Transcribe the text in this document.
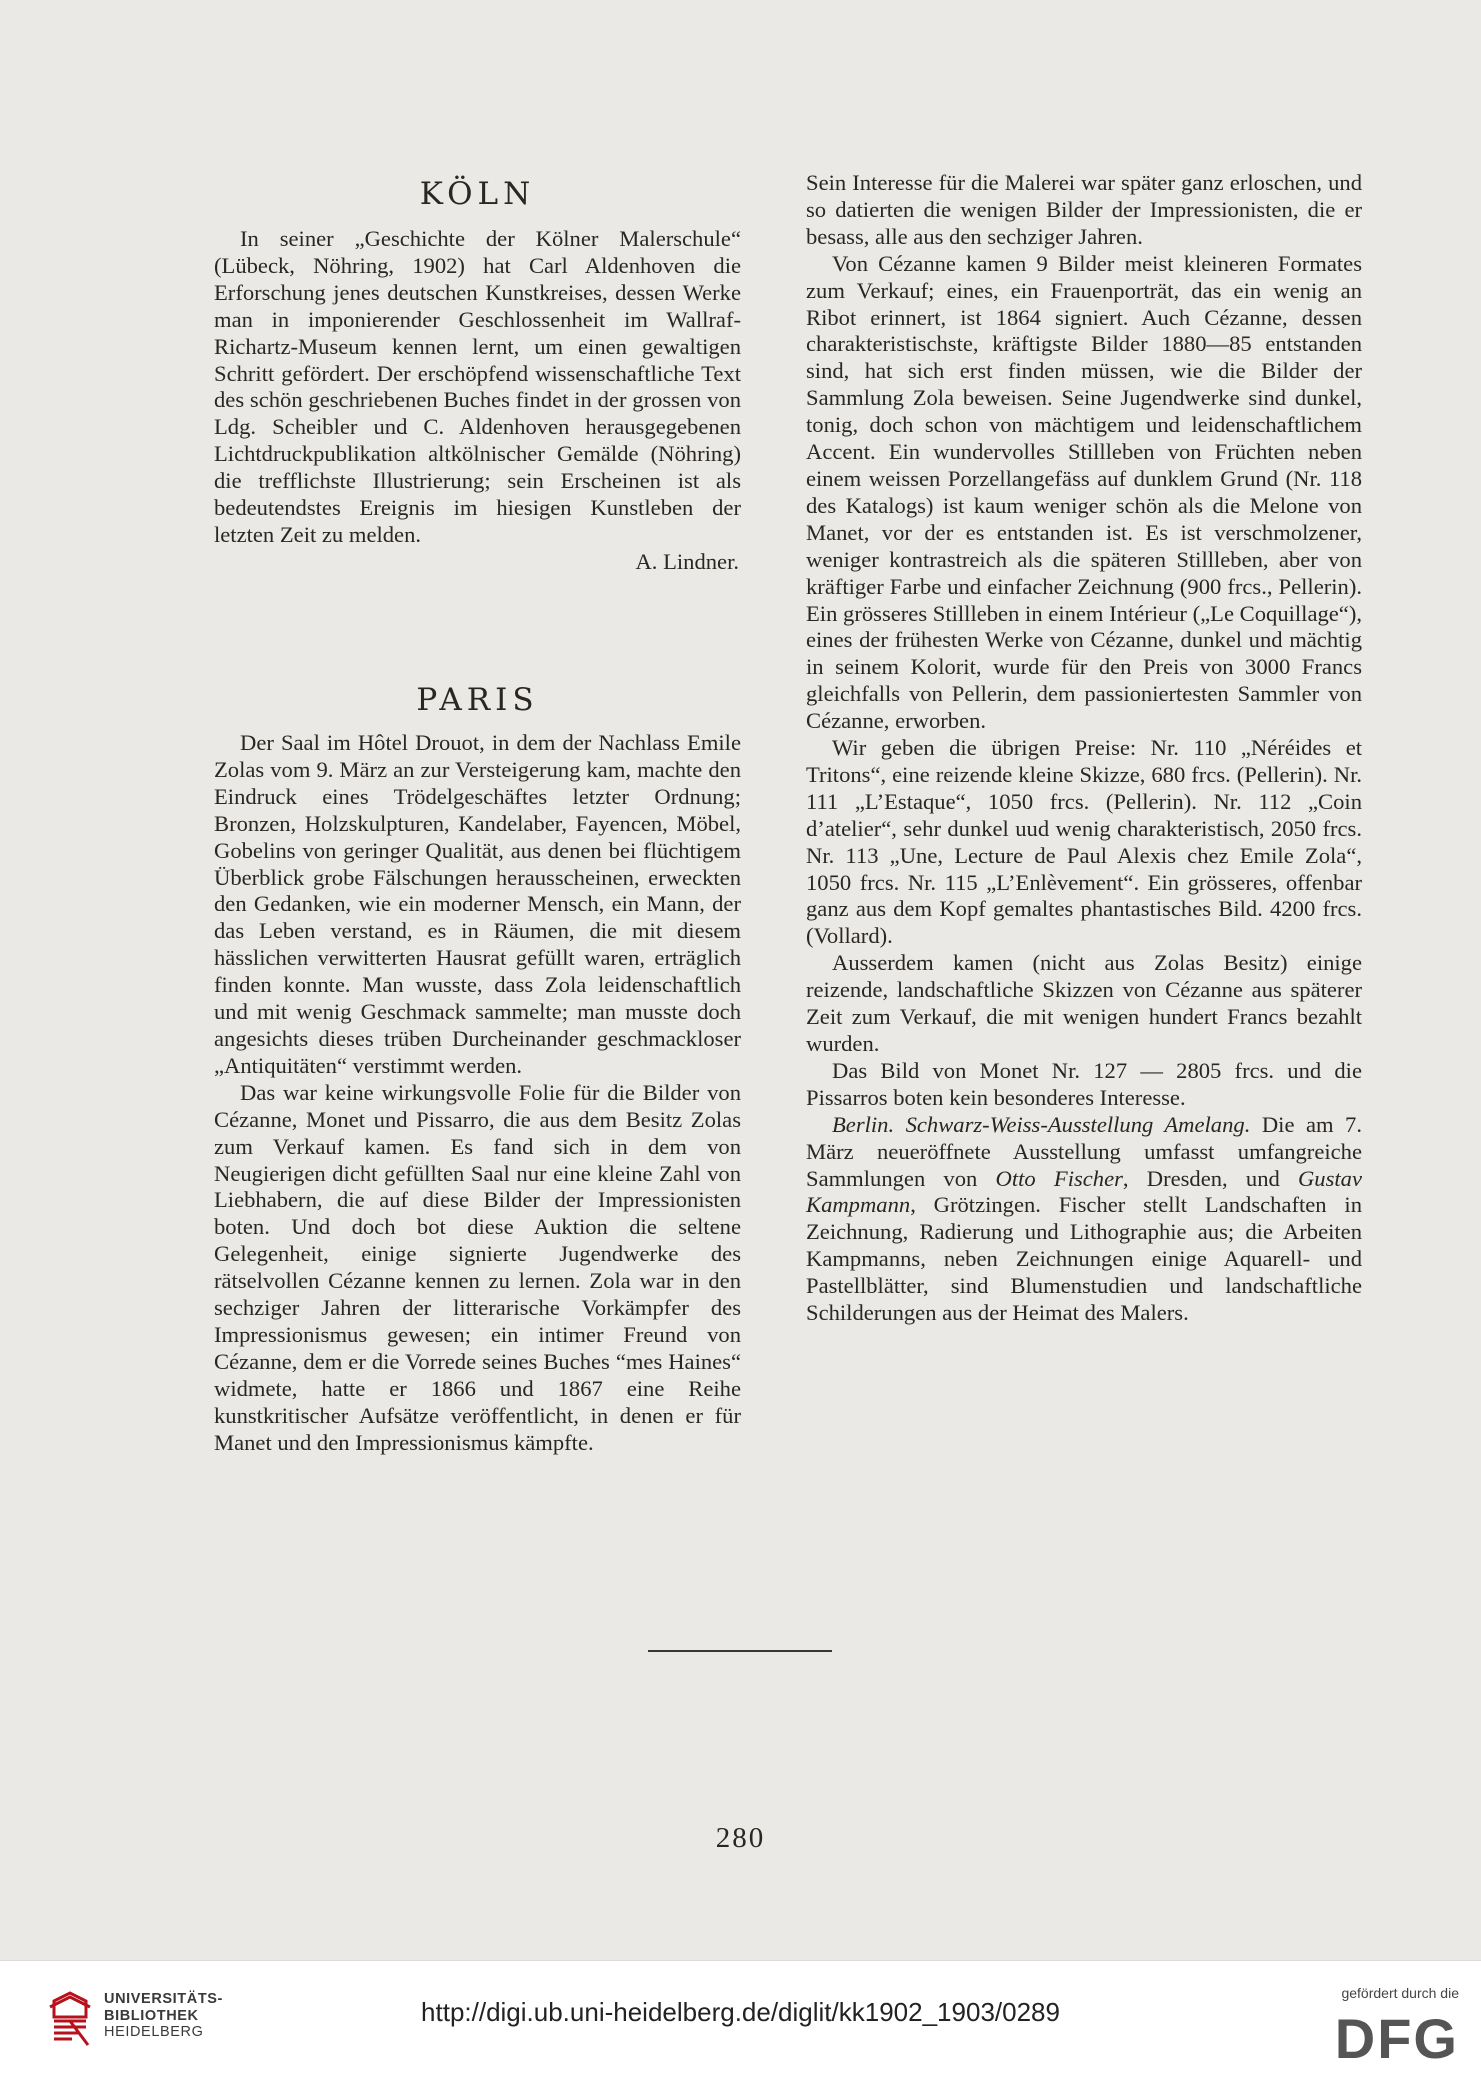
KÖLN

In seiner „Geschichte der Kölner Malerschule“ (Lübeck, Nöhring, 1902) hat Carl Aldenhoven die Erforschung jenes deutschen Kunstkreises, dessen Werke man in imponierender Geschlossenheit im Wallraf-Richartz-Museum kennen lernt, um einen gewaltigen Schritt gefördert. Der erschöpfend wissenschaftliche Text des schön geschriebenen Buches findet in der grossen von Ldg. Scheibler und C. Aldenhoven herausgegebenen Lichtdruckpublikation altkölnischer Gemälde (Nöhring) die trefflichste Illustrierung; sein Erscheinen ist als bedeutendstes Ereignis im hiesigen Kunstleben der letzten Zeit zu melden.

A. Lindner.

PARIS

Der Saal im Hôtel Drouot, in dem der Nachlass Emile Zolas vom 9. März an zur Versteigerung kam, machte den Eindruck eines Trödelgeschäftes letzter Ordnung; Bronzen, Holzskulpturen, Kandelaber, Fayencen, Möbel, Gobelins von geringer Qualität, aus denen bei flüchtigem Überblick grobe Fälschungen herausscheinen, erweckten den Gedanken, wie ein moderner Mensch, ein Mann, der das Leben verstand, es in Räumen, die mit diesem hässlichen verwitterten Hausrat gefüllt waren, erträglich finden konnte. Man wusste, dass Zola leidenschaftlich und mit wenig Geschmack sammelte; man musste doch angesichts dieses trüben Durcheinander geschmackloser „Antiquitäten“ verstimmt werden.

Das war keine wirkungsvolle Folie für die Bilder von Cézanne, Monet und Pissarro, die aus dem Besitz Zolas zum Verkauf kamen. Es fand sich in dem von Neugierigen dicht gefüllten Saal nur eine kleine Zahl von Liebhabern, die auf diese Bilder der Impressionisten boten. Und doch bot diese Auktion die seltene Gelegenheit, einige signierte Jugendwerke des rätselvollen Cézanne kennen zu lernen. Zola war in den sechziger Jahren der litterarische Vorkämpfer des Impressionismus gewesen; ein intimer Freund von Cézanne, dem er die Vorrede seines Buches “mes Haines“ widmete, hatte er 1866 und 1867 eine Reihe kunstkritischer Aufsätze veröffentlicht, in denen er für Manet und den Impressionismus kämpfte.

Sein Interesse für die Malerei war später ganz erloschen, und so datierten die wenigen Bilder der Impressionisten, die er besass, alle aus den sechziger Jahren.

Von Cézanne kamen 9 Bilder meist kleineren Formates zum Verkauf; eines, ein Frauenporträt, das ein wenig an Ribot erinnert, ist 1864 signiert. Auch Cézanne, dessen charakteristischste, kräftigste Bilder 1880—85 entstanden sind, hat sich erst finden müssen, wie die Bilder der Sammlung Zola beweisen. Seine Jugendwerke sind dunkel, tonig, doch schon von mächtigem und leidenschaftlichem Accent. Ein wundervolles Stillleben von Früchten neben einem weissen Porzellangefäss auf dunklem Grund (Nr. 118 des Katalogs) ist kaum weniger schön als die Melone von Manet, vor der es entstanden ist. Es ist verschmolzener, weniger kontrastreich als die späteren Stillleben, aber von kräftiger Farbe und einfacher Zeichnung (900 frcs., Pellerin). Ein grösseres Stillleben in einem Intérieur („Le Coquillage“), eines der frühesten Werke von Cézanne, dunkel und mächtig in seinem Kolorit, wurde für den Preis von 3000 Francs gleichfalls von Pellerin, dem passioniertesten Sammler von Cézanne, erworben.

Wir geben die übrigen Preise: Nr. 110 „Néréides et Tritons“, eine reizende kleine Skizze, 680 frcs. (Pellerin). Nr. 111 „L’Estaque“, 1050 frcs. (Pellerin). Nr. 112 „Coin d’atelier“, sehr dunkel uud wenig charakteristisch, 2050 frcs. Nr. 113 „Une, Lecture de Paul Alexis chez Emile Zola“, 1050 frcs. Nr. 115 „L’Enlèvement“. Ein grösseres, offenbar ganz aus dem Kopf gemaltes phantastisches Bild. 4200 frcs. (Vollard).

Ausserdem kamen (nicht aus Zolas Besitz) einige reizende, landschaftliche Skizzen von Cézanne aus späterer Zeit zum Verkauf, die mit wenigen hundert Francs bezahlt wurden.

Das Bild von Monet Nr. 127 — 2805 frcs. und die Pissarros boten kein besonderes Interesse.

Berlin. Schwarz-Weiss-Ausstellung Amelang. Die am 7. März neueröffnete Ausstellung umfasst umfangreiche Sammlungen von Otto Fischer, Dresden, und Gustav Kampmann, Grötzingen. Fischer stellt Landschaften in Zeichnung, Radierung und Lithographie aus; die Arbeiten Kampmanns, neben Zeichnungen einige Aquarell- und Pastellblätter, sind Blumenstudien und landschaftliche Schilderungen aus der Heimat des Malers.

280
UNIVERSITÄTS-
BIBLIOTHEK
HEIDELBERG
http://digi.ub.uni-heidelberg.de/diglit/kk1902_1903/0289
gefördert durch die
DFG
